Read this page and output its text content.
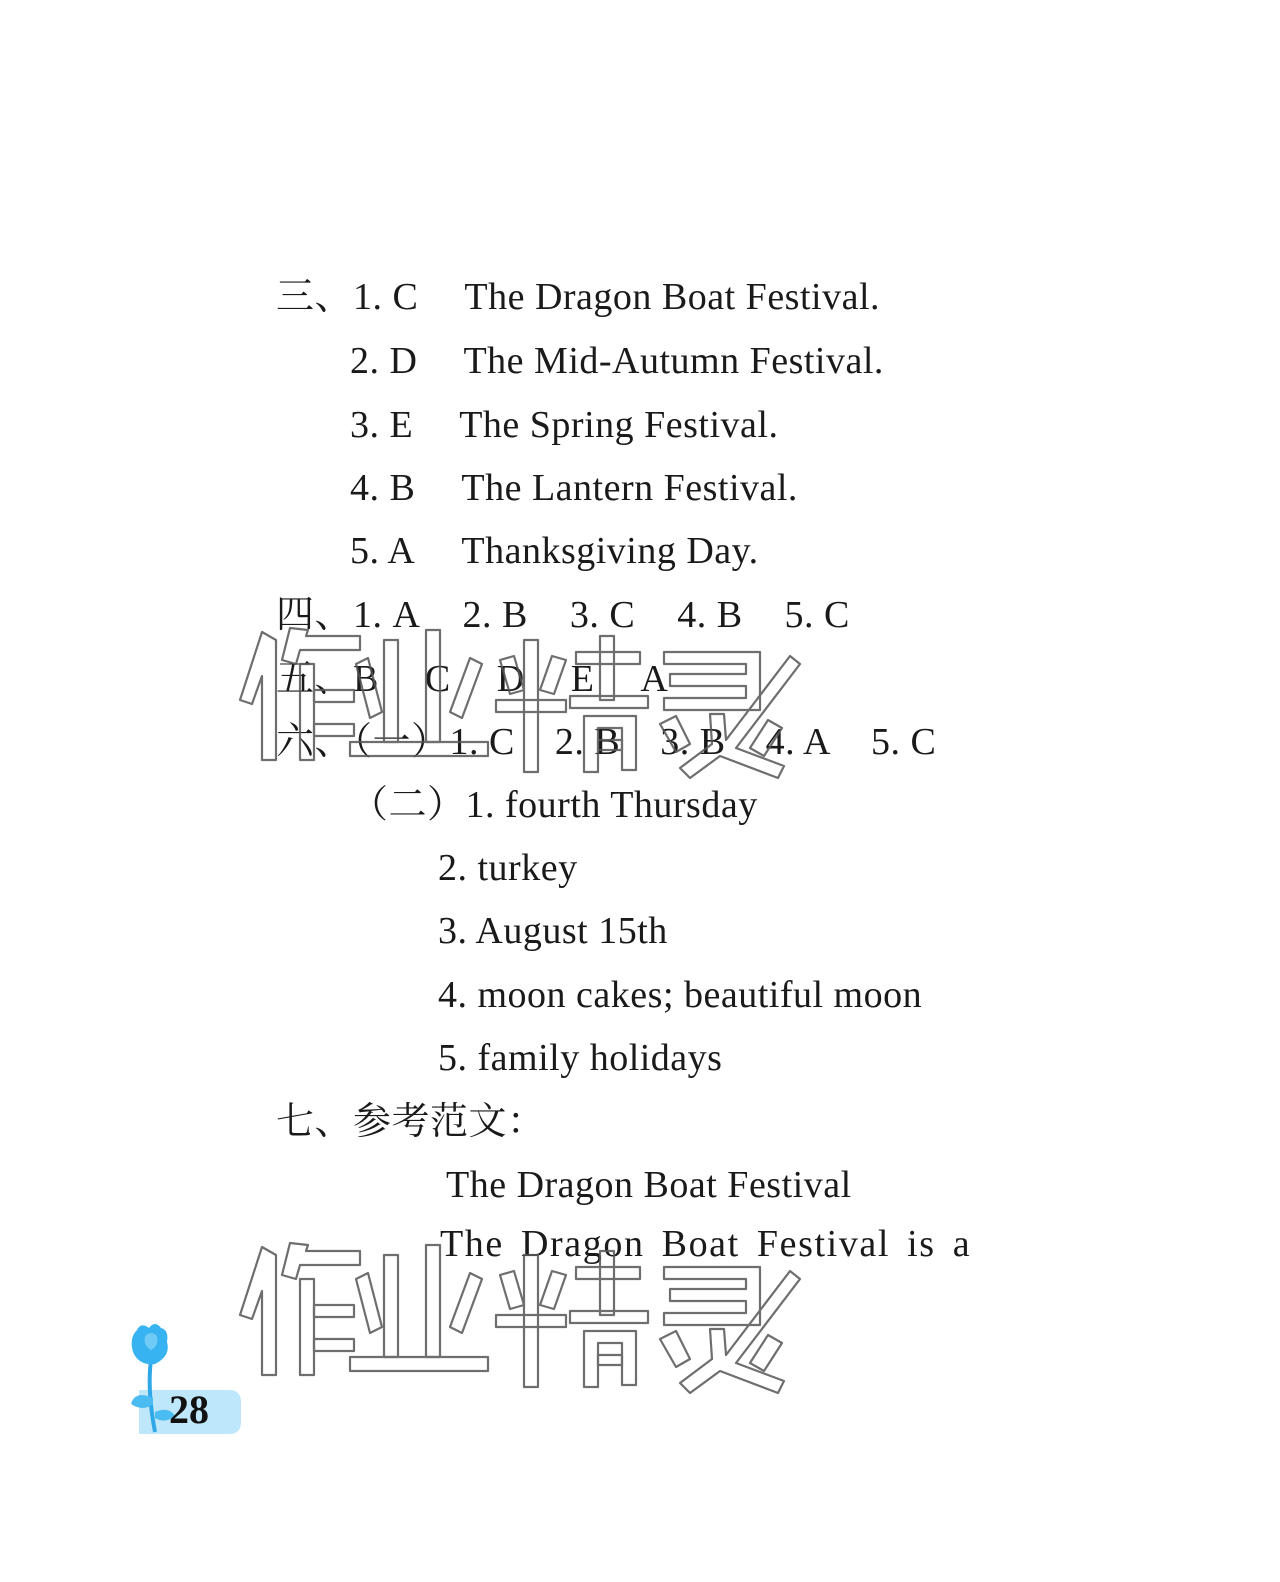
三、1. C The Dragon Boat Festival.
2. D The Mid-Autumn Festival.
3. E The Spring Festival.
4. B The Lantern Festival.
5. A Thanksgiving Day.
四、1. A 2. B 3. C 4. B 5. C
五、B C D E A
六、（一）1. C 2. B 3. B 4. A 5. C
（二）1. fourth Thursday
2. turkey
3. August 15th
4. moon cakes; beautiful moon
5. family holidays
七、参考范文：
The Dragon Boat Festival
The Dragon Boat Festival is a
28
